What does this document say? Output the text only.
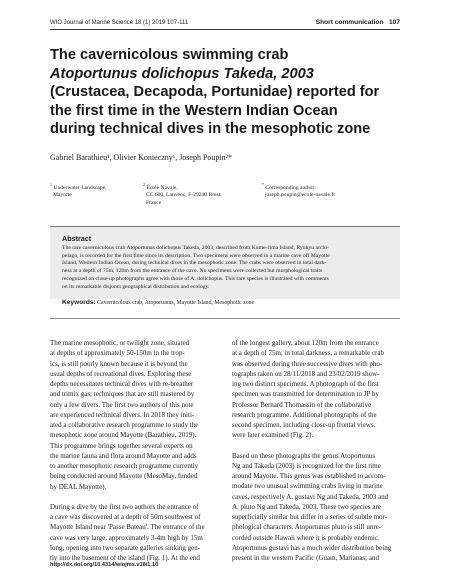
WIO Journal of Marine Science 18 (1) 2019 107-111	Short communication 107
The cavernicolous swimming crab
Atoportunus dolichopus Takeda, 2003
(Crustacea, Decapoda, Portunidae) reported for
the first time in the Western Indian Ocean
during technical dives in the mesophotic zone
Gabriel Barathieu¹, Olivier Konieczny¹, Joseph Poupin²*
$^1$ Underwater Landscape,
Mayotte
$^2$ École Navale,
CC 600, Lanvéoc, F-29240 Brest,
France
* Corresponding author:
joseph.poupin@ecole-navale.fr
Abstract
The rare cavernicolous crab Atoportunus dolichopus Takeda, 2003, described from Kume-Jima Island, Ryukyu archi-
pelago, is recorded for the first time since its description. Two specimens were observed in a marine cave off Mayotte
Island, Western Indian Ocean, during technical dives in the mesophotic zone. The crabs were observed in total dark-
ness at a depth of 75m, 120m from the entrance of the cave. No specimens were collected but morphological traits
recognized on close-up photographs agree with those of A. dolichopus. This rare species is illustrated with comments
on its remarkable disjunct geographical distribution and ecology.
Keywords: Cavernicolous crab, Atoportunus, Mayotte Island, Mesophotic zone
The marine mesophotic, or twilight zone, situated
at depths of approximately 50-150m in the trop-
ics, is still poorly known because it is beyond the
usual depths of recreational dives. Exploring these
depths necessitates technical dives with re-breather
and trimix gas; techniques that are still mastered by
only a few divers. The first two authors of this note
are experienced technical divers. In 2018 they initi-
ated a collaborative research programme to study the
mesophotic zone around Mayotte (Barathieu, 2019).
This programme brings together several experts on
the marine fauna and flora around Mayotte and adds
to another mesophotic research programme currently
being conducted around Mayotte (MesoMay, funded
by DEAL Mayotte).
During a dive by the first two authors the entrance of
a cave was discovered at a depth of 50m southwest of
Mayotte Island near 'Passe Bateau'. The entrance of the
cave was very large, approximately 3-4m high by 15m
long, opening into two separate galleries sinking gen-
tly into the basement of the island (Fig. 1). At the end
of the longest gallery, about 120m from the entrance
at a depth of 75m, in total darkness, a remarkable crab
was observed during three successive dives with pho-
tographs taken on 28/11/2018 and 23/02/2019 show-
ing two distinct specimens. A photograph of the first
specimen was transmitted for determination to JP by
Professor Bernard Thomassin of the collaborative
research programme. Additional photographs of the
second specimen, including close-up frontal views,
were later examined (Fig. 2).
Based on these photographs the genus Atoportunus
Ng and Takeda (2003) is recognized for the first time
around Mayotte. This genus was established to accom-
modate two unusual swimming crabs living in marine
caves, respectively A. gustavi Ng and Takeda, 2003 and
A. pluto Ng and Takeda, 2003. These two species are
superficially similar but differ in a series of subtle mor-
phological characters. Atoportunus pluto is still unre-
corded outside Hawaii where it is probably endemic.
Atoportunus gustavi has a much wider distribution being
present in the western Pacific (Guam, Marianas; and
http://dx.doi.org/10.4314/wiojms.v18i1.10
